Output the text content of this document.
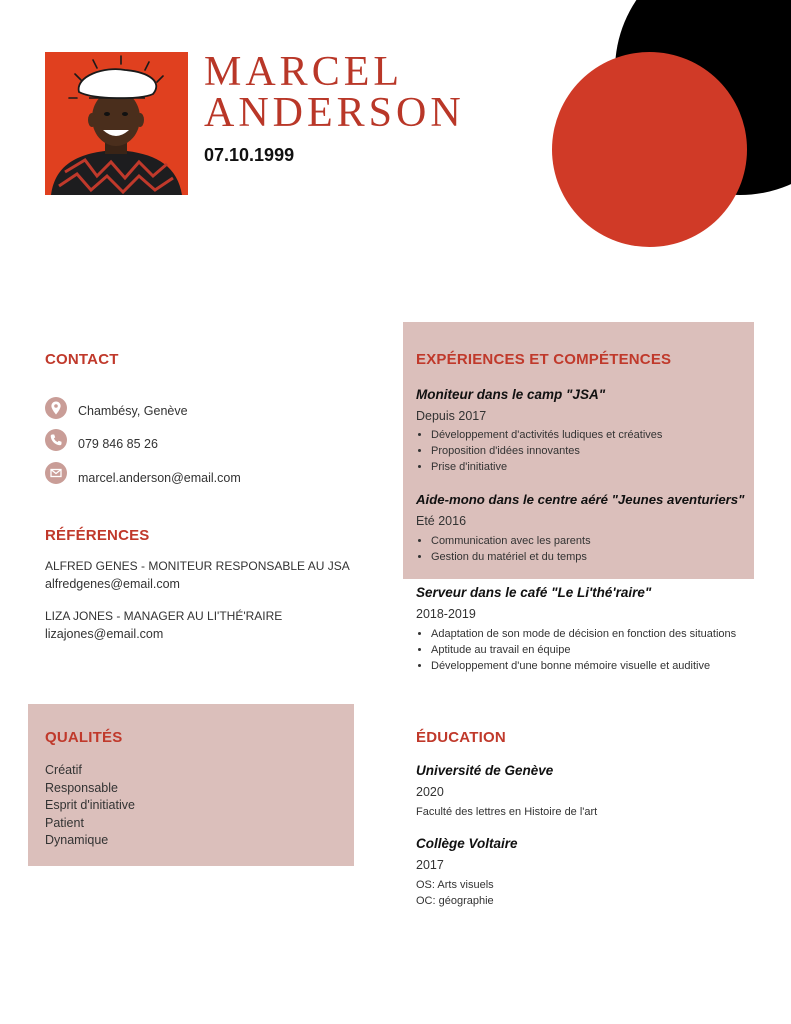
MARCEL
ANDERSON
07.10.1999
CONTACT
Chambésy, Genève
079 846 85 26
marcel.anderson@email.com
RÉFÉRENCES
ALFRED GENES - MONITEUR RESPONSABLE AU JSA
alfredgenes@email.com
LIZA JONES - MANAGER AU LI'THÉ'RAIRE
lizajones@email.com
QUALITÉS
Créatif
Responsable
Esprit d'initiative
Patient
Dynamique
EXPÉRIENCES ET COMPÉTENCES
Moniteur dans le camp "JSA"
Depuis 2017
• Développement d'activités ludiques et créatives
• Proposition d'idées innovantes
• Prise d'initiative
Aide-mono dans le centre aéré "Jeunes aventuriers"
Eté 2016
• Communication avec les parents
• Gestion du matériel et du temps
Serveur dans le café "Le Li'thé'raire"
2018-2019
• Adaptation de son mode de décision en fonction des situations
• Aptitude au travail en équipe
• Développement d'une bonne mémoire visuelle et auditive
ÉDUCATION
Université de Genève
2020
Faculté des lettres en Histoire de l'art
Collège Voltaire
2017
OS: Arts visuels
OC: géographie
